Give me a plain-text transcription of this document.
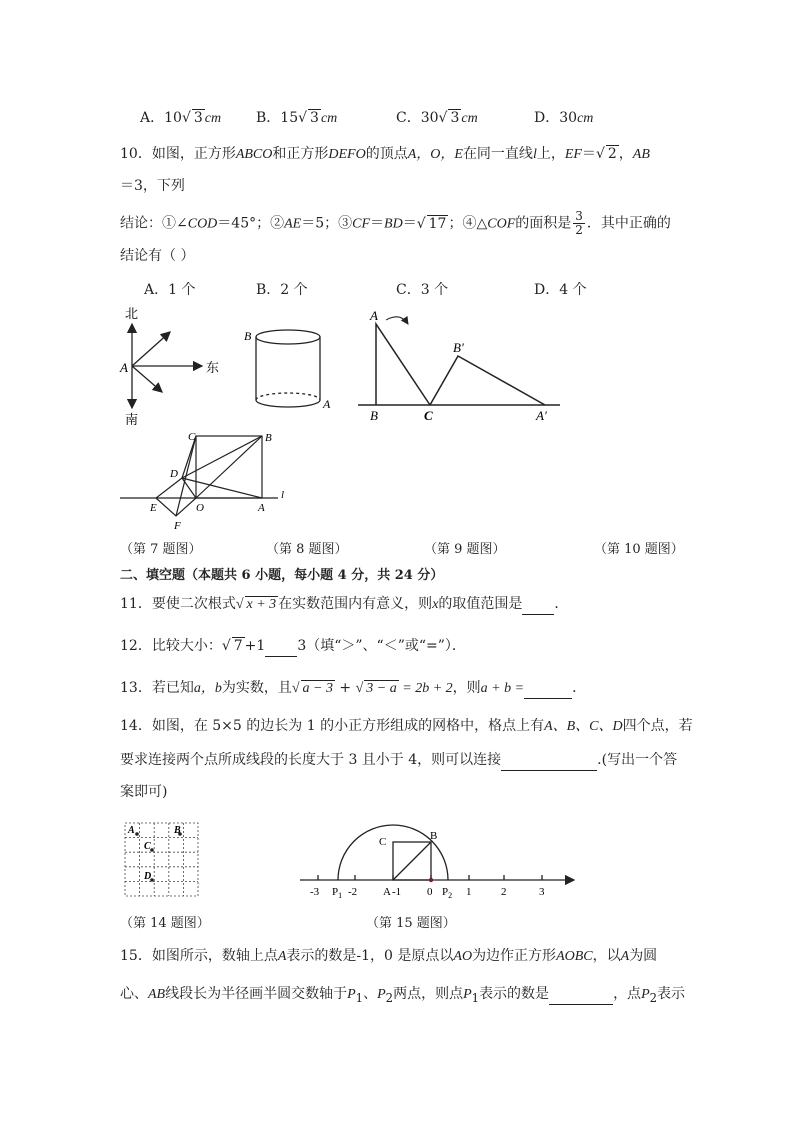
A．10√ 3 cm B．15√ 3 cm	C．30√ 3 cm	D．30cm
10．如图，正方形ABCO和正方形DEFO的顶点A，O，E在同一直线l上，EF＝√ 2 ，AB
＝3，下列
结论：①∠COD＝45°；②AE＝5；③CF＝BD＝√ 17 ；④△COF的面积是 $\frac{3}{2}$ ．其中正确的
结论有（ ）
A．1 个	B．2 个	C．3 个	D．4 个
北
南
东
A
B
A
A
B	C
B′
A′
C	B
D
E	O	A
F
l
（第 7 题图）	（第 8 题图）	（第 9 题图）	（第 10 题图）
二、填空题（本题共 6 小题，每小题 4 分，共 24 分）
11．要使二次根式√ x + 3 在实数范围内有意义，则x的取值范围是 ．
12．比较大小：√ 7 +1 3（填“＞”、“＜”或“=”）．
13．若已知a，b为实数，且√ a − 3 + √ 3 − a = 2b + 2，则a + b =	．
14．如图，在 5×5 的边长为 1 的小正方形组成的网格中，格点上有A、B、C、D四个点，若
要求连接两个点所成线段的长度大于 3 且小于 4，则可以连接	.(写出一个答
案即可)
A	B
C
D
C	B
-3 $P_1$ -2 A -1 0 $P_2$ 1	2	3
（第 14 题图）	（第 15 题图）
15．如图所示，数轴上点A表示的数是-1，0 是原点以AO为边作正方形AOBC，以A为圆
心、AB线段长为半径画半圆交数轴于$P_1$、$P_2$两点，则点$P_1$表示的数是	，点$P_2$表示
